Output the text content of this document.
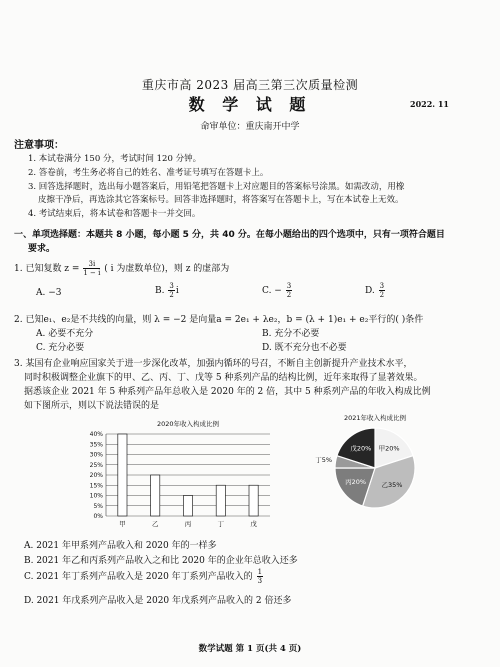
重庆市高 2023 届高三第三次质量检测
数 学 试 题	2022. 11
命审单位：重庆南开中学
注意事项：
1. 本试卷满分 150 分，考试时间 120 分钟。
2. 答卷前，考生务必将自己的姓名、准考证号填写在答题卡上。
3. 回答选择题时，选出每小题答案后，用铅笔把答题卡上对应题目的答案标号涂黑。如需改动，用橡
皮擦干净后，再选涂其它答案标号。回答非选择题时，将答案写在答题卡上，写在本试卷上无效。
4. 考试结束后，将本试卷和答题卡一并交回。
一、单项选择题：本题共 8 小题，每小题 5 分，共 40 分。在每小题给出的四个选项中，只有一项符合题目
要求。
1. 已知复数 $z = \frac{3i}{1 - i}$ ( i 为虚数单位)，则 z 的虚部为
A. −3	B. $\frac{3}{2}$ i	C. − $\frac{3}{2}$	D. $\frac{3}{2}$
2. 已知e₁、e₂是不共线的向量，则 λ = −2 是向量a = 2e₁ + λe₂，b = (λ + 1)e₁ + e₂平行的( )条件
A. 必要不充分	B. 充分不必要
C. 充分必要	D. 既不充分也不必要
3. 某国有企业响应国家关于进一步深化改革，加强内循环的号召，不断自主创新提升产业技术水平，
同时积极调整企业旗下的甲、乙、丙、丁、戊等 5 种系列产品的结构比例，近年来取得了显著效果。
据悉该企业 2021 年 5 种系列产品年总收入是 2020 年的 2 倍，其中 5 种系列产品的年收入构成比例
如下图所示，则以下说法错误的是
2020年收入构成比例
0%
5%
10%
15%
20%
25%
30%
35%
40%
甲	乙	丙	丁	戊
2021年收入构成比例
甲20%
乙35%
丙20%
丁5%
戊20%
A. 2021 年甲系列产品收入和 2020 年的一样多
B. 2021 年乙和丙系列产品收入之和比 2020 年的企业年总收入还多
C. 2021 年丁系列产品收入是 2020 年丁系列产品收入的 $\frac{1}{3}$
D. 2021 年戊系列产品收入是 2020 年戊系列产品收入的 2 倍还多
数学试题 第 1 页(共 4 页)
